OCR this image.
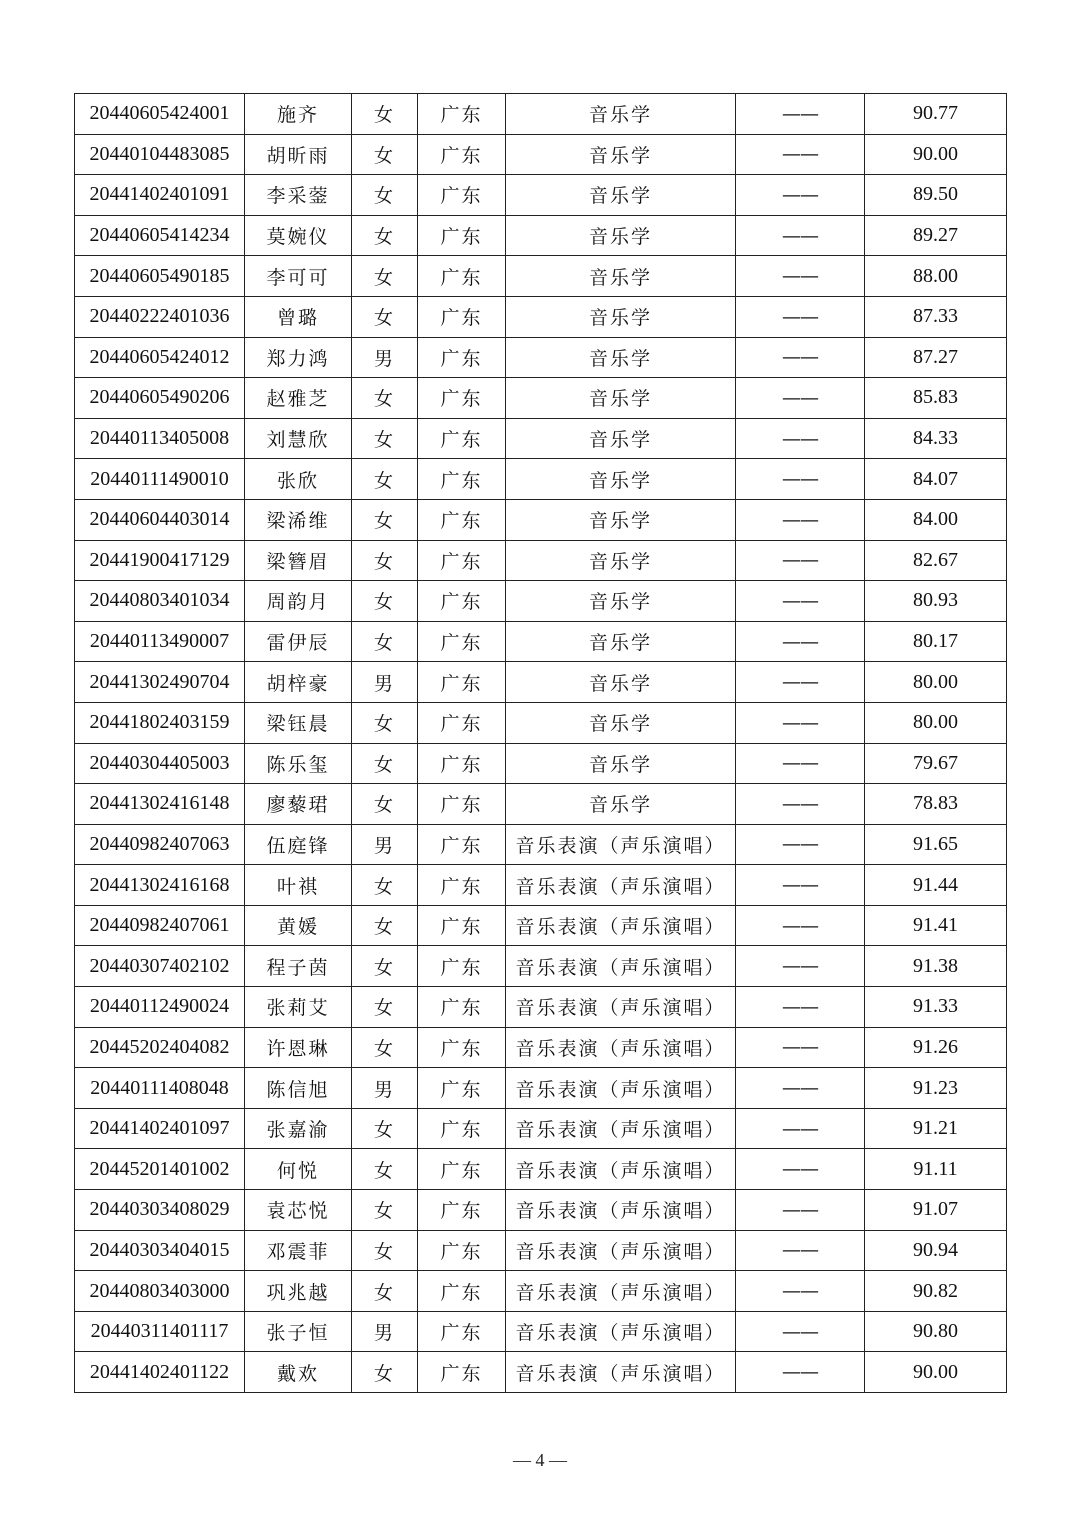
20440605424001	施齐	女	广东	音乐学	——	90.77
20440104483085	胡昕雨	女	广东	音乐学	——	90.00
20441402401091	李采蓥	女	广东	音乐学	——	89.50
20440605414234	莫婉仪	女	广东	音乐学	——	89.27
20440605490185	李可可	女	广东	音乐学	——	88.00
20440222401036	曾璐	女	广东	音乐学	——	87.33
20440605424012	郑力鸿	男	广东	音乐学	——	87.27
20440605490206	赵雅芝	女	广东	音乐学	——	85.83
20440113405008	刘慧欣	女	广东	音乐学	——	84.33
20440111490010	张欣	女	广东	音乐学	——	84.07
20440604403014	梁浠维	女	广东	音乐学	——	84.00
20441900417129	梁簪眉	女	广东	音乐学	——	82.67
20440803401034	周韵月	女	广东	音乐学	——	80.93
20440113490007	雷伊辰	女	广东	音乐学	——	80.17
20441302490704	胡梓豪	男	广东	音乐学	——	80.00
20441802403159	梁钰晨	女	广东	音乐学	——	80.00
20440304405003	陈乐玺	女	广东	音乐学	——	79.67
20441302416148	廖藜珺	女	广东	音乐学	——	78.83
20440982407063	伍庭锋	男	广东	音乐表演（声乐演唱）	——	91.65
20441302416168	叶祺	女	广东	音乐表演（声乐演唱）	——	91.44
20440982407061	黄媛	女	广东	音乐表演（声乐演唱）	——	91.41
20440307402102	程子茵	女	广东	音乐表演（声乐演唱）	——	91.38
20440112490024	张莉艾	女	广东	音乐表演（声乐演唱）	——	91.33
20445202404082	许恩琳	女	广东	音乐表演（声乐演唱）	——	91.26
20440111408048	陈信旭	男	广东	音乐表演（声乐演唱）	——	91.23
20441402401097	张嘉渝	女	广东	音乐表演（声乐演唱）	——	91.21
20445201401002	何悦	女	广东	音乐表演（声乐演唱）	——	91.11
20440303408029	袁芯悦	女	广东	音乐表演（声乐演唱）	——	91.07
20440303404015	邓震菲	女	广东	音乐表演（声乐演唱）	——	90.94
20440803403000	巩兆越	女	广东	音乐表演（声乐演唱）	——	90.82
20440311401117	张子恒	男	广东	音乐表演（声乐演唱）	——	90.80
20441402401122	戴欢	女	广东	音乐表演（声乐演唱）	——	90.00
— 4 —
